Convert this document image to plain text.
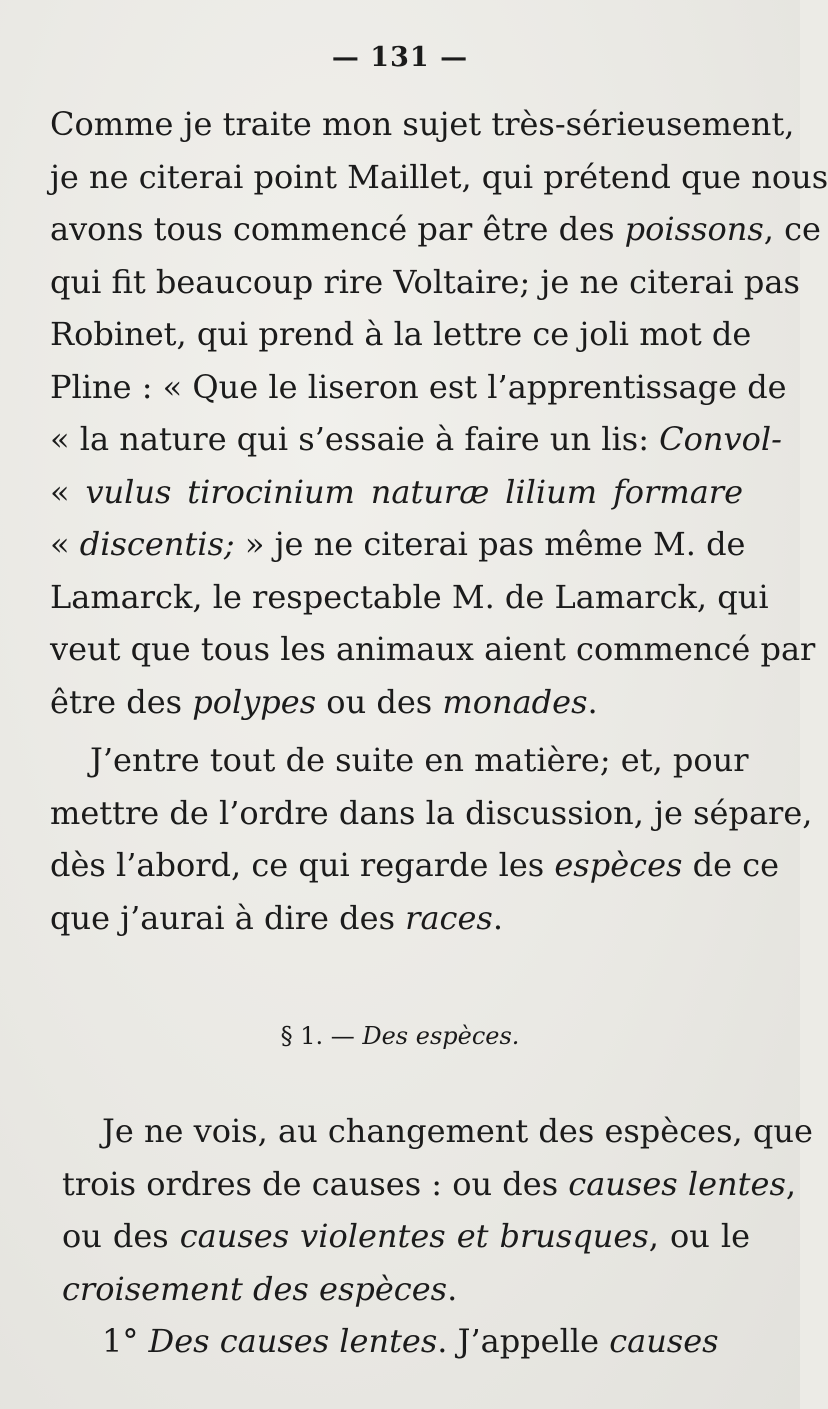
— 131 —
Comme je traite mon sujet très-sérieusement,
je ne citerai point Maillet, qui prétend que nous
avons tous commencé par être des poissons, ce
qui fit beaucoup rire Voltaire; je ne citerai pas
Robinet, qui prend à la lettre ce joli mot de
Pline : « Que le liseron est l’apprentissage de
« la nature qui s’essaie à faire un lis: Convol-
« vulus tirocinium naturæ lilium formare
« discentis; » je ne citerai pas même M. de
Lamarck, le respectable M. de Lamarck, qui
veut que tous les animaux aient commencé par
être des polypes ou des monades.
J’entre tout de suite en matière; et, pour
mettre de l’ordre dans la discussion, je sépare,
dès l’abord, ce qui regarde les espèces de ce
que j’aurai à dire des races.
§ 1. — Des espèces.
Je ne vois, au changement des espèces, que
trois ordres de causes : ou des causes lentes,
ou des causes violentes et brusques, ou le
croisement des espèces.
1° Des causes lentes. J’appelle causes
